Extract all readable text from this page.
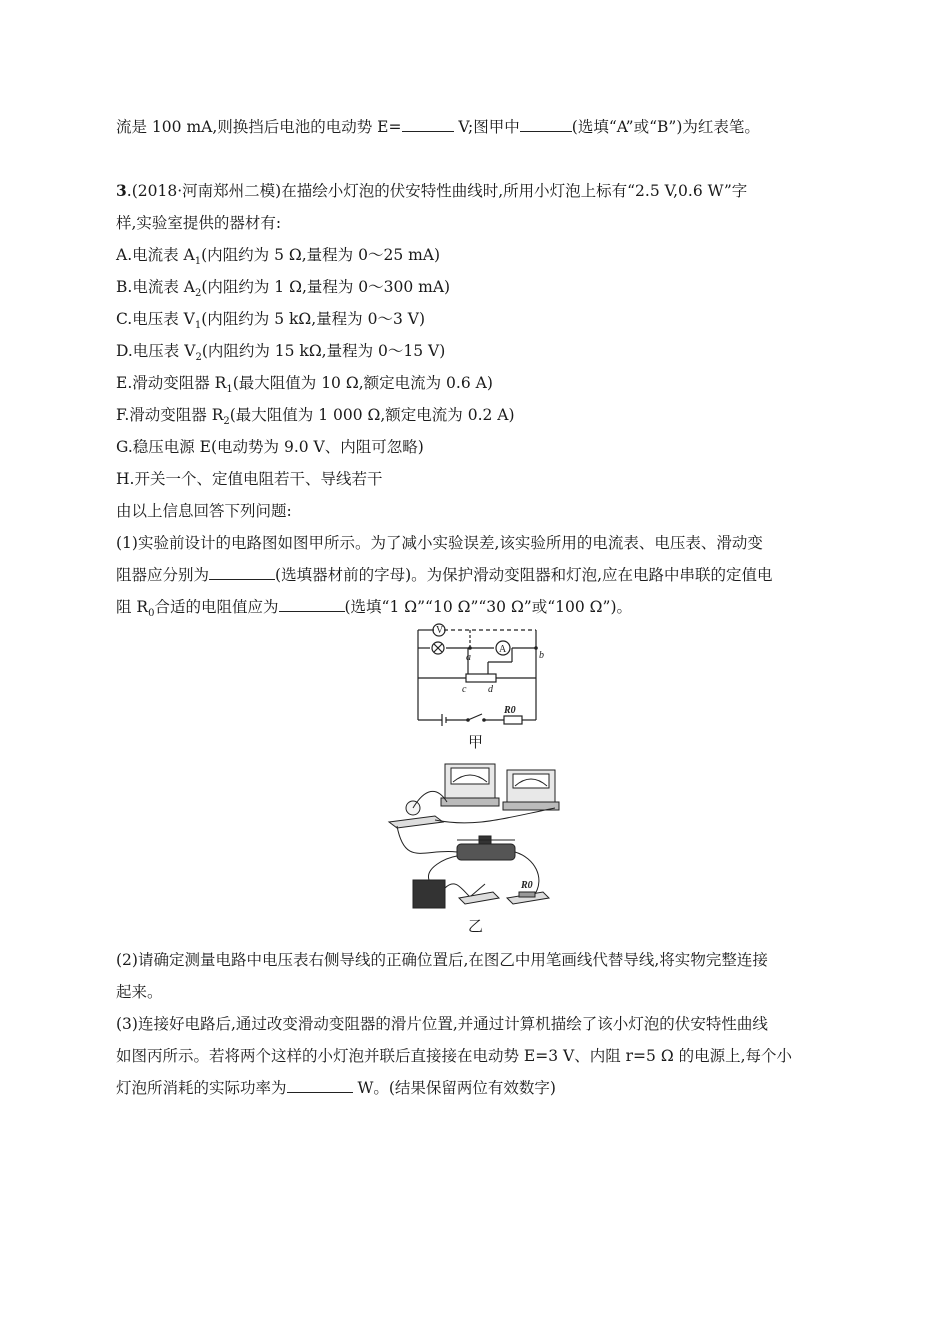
流是 100 mA,则换挡后电池的电动势 E=	V;图甲中	(选填“A”或“B”)为红表笔。
3.(2018·河南郑州二模)在描绘小灯泡的伏安特性曲线时,所用小灯泡上标有“2.5 V,0.6 W”字
样,实验室提供的器材有:
A.电流表 $A_1$(内阻约为 5 Ω,量程为 0〜25 mA)
B.电流表 $A_2$(内阻约为 1 Ω,量程为 0〜300 mA)
C.电压表 $V_1$(内阻约为 5 kΩ,量程为 0〜3 V)
D.电压表 $V_2$(内阻约为 15 kΩ,量程为 0〜15 V)
E.滑动变阻器 $R_1$(最大阻值为 10 Ω,额定电流为 0.6 A)
F.滑动变阻器 $R_2$(最大阻值为 1 000 Ω,额定电流为 0.2 A)
G.稳压电源 E(电动势为 9.0 V、内阻可忽略)
H.开关一个、定值电阻若干、导线若干
由以上信息回答下列问题:
(1)实验前设计的电路图如图甲所示。为了减小实验误差,该实验所用的电流表、电压表、滑动变
阻器应分别为	(选填器材前的字母)。为保护滑动变阻器和灯泡,应在电路中串联的定值电
阻 $R_0$合适的电阻值应为	(选填“1 Ω”“10 Ω”“30 Ω”或“100 Ω”)。
V
A
a	b
c d
R0
甲
R0
乙
(2)请确定测量电路中电压表右侧导线的正确位置后,在图乙中用笔画线代替导线,将实物完整连接
起来。
(3)连接好电路后,通过改变滑动变阻器的滑片位置,并通过计算机描绘了该小灯泡的伏安特性曲线
如图丙所示。若将两个这样的小灯泡并联后直接接在电动势 E=3 V、内阻 r=5 Ω 的电源上,每个小
灯泡所消耗的实际功率为	W。(结果保留两位有效数字)
